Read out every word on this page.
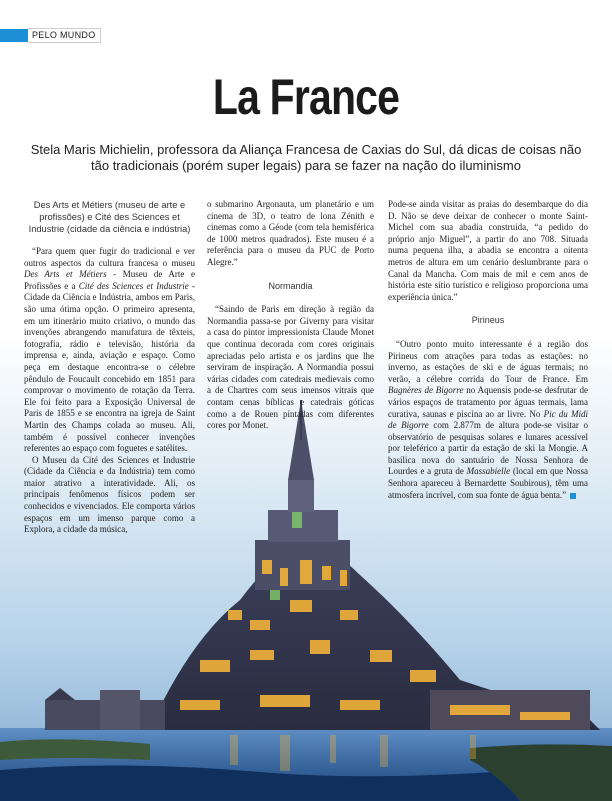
PELO MUNDO
La France
Stela Maris Michielin, professora da Aliança Francesa de Caxias do Sul, dá dicas de coisas não tão tradicionais (porém super legais) para se fazer na nação do iluminismo
Des Arts et Métiers (museu de arte e profissões) e Cité des Sciences et Industrie (cidade da ciência e indústria)

“Para quem quer fugir do tradicional e ver outros aspectos da cultura francesa o museu Des Arts et Métiers - Museu de Arte e Profissões e a Cité des Sciences et Industrie - Cidade da Ciência e Indústria, ambos em Paris, são uma ótima opção. O primeiro apresenta, em um itinerário muito criativo, o mundo das invenções abrangendo manufatura de têxteis, fotografia, rádio e televisão, história da imprensa e, ainda, aviação e espaço. Como peça em destaque encontra-se o célebre pêndulo de Foucault concebido em 1851 para comprovar o movimento de rotação da Terra. Ele foi feito para a Exposição Universal de Paris de 1855 e se encontra na igreja de Saint Martin des Champs colada ao museu. Ali, também é possível conhecer invenções referentes ao espaço com foguetes e satélites.

O Museu da Cité des Sciences et Industrie (Cidade da Ciência e da Indústria) tem como maior atrativo a interatividade. Ali, os principais fenômenos físicos podem ser conhecidos e vivenciados. Ele comporta vários espaços em um imenso parque como a Explora, a cidade da música,

o submarino Argonauta, um planetário e um cinema de 3D, o teatro de lona Zénith e cinemas como a Géode (com tela hemisférica de 1000 metros quadrados). Este museu é a referência para o museu da PUC de Porto Alegre.”

Normandia

“Saindo de Paris em direção à região da Normandia passa-se por Giverny para visitar a casa do pintor impressionista Claude Monet que continua decorada com cores originais apreciadas pelo artista e os jardins que lhe serviram de inspiração. A Normandia possui várias cidades com catedrais medievais como a de Chartres com seus imensos vitrais que contam cenas bíblicas e catedrais góticas como a de Rouen pintadas com diferentes cores por Monet.

Pode-se ainda visitar as praias do desembarque do dia D. Não se deve deixar de conhecer o monte Saint-Michel com sua abadia construída, “a pedido do próprio anjo Miguel”, a partir do ano 708. Situada numa pequena ilha, a abadia se encontra a oitenta metros de altura em um cenário deslumbrante para o Canal da Mancha. Com mais de mil e cem anos de história este sítio turístico e religioso proporciona uma experiência única.”

Pirineus

“Outro ponto muito interessante é a região dos Pirineus com atrações para todas as estações: no inverno, as estações de ski e de águas termais; no verão, a célebre corrida do Tour de France. Em Bagnères de Bigorre no Aquensis pode-se desfrutar de vários espaços de tratamento por águas termais, lama curativa, saunas e piscina ao ar livre. No Pic du Midi de Bigorre com 2.877m de altura pode-se visitar o observatório de pesquisas solares e lunares acessível por teleférico a partir da estação de ski la Mongie. A basílica nova do santuário de Nossa Senhora de Lourdes e a gruta de Massabielle (local em que Nossa Senhora apareceu à Bernardette Soubirous), têm uma atmosfera incrível, com sua fonte de água benta.”
